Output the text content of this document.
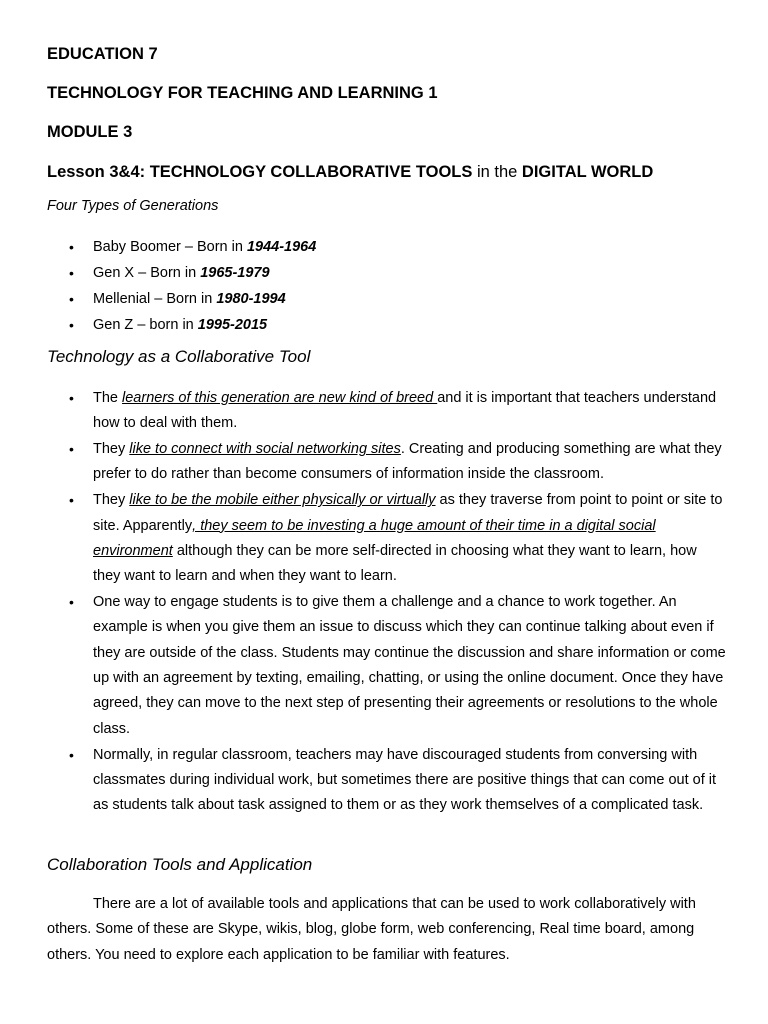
EDUCATION 7

TECHNOLOGY FOR TEACHING AND LEARNING 1

MODULE 3

Lesson 3&4: TECHNOLOGY COLLABORATIVE TOOLS in the DIGITAL WORLD

Four Types of Generations

• Baby Boomer – Born in 1944-1964
• Gen X – Born in 1965-1979
• Mellenial – Born in 1980-1994
• Gen Z – born in 1995-2015

Technology as a Collaborative Tool

• The learners of this generation are new kind of breed and it is important that teachers understand how to deal with them.
• They like to connect with social networking sites. Creating and producing something are what they prefer to do rather than become consumers of information inside the classroom.
• They like to be the mobile either physically or virtually as they traverse from point to point or site to site. Apparently, they seem to be investing a huge amount of their time in a digital social environment although they can be more self-directed in choosing what they want to learn, how they want to learn and when they want to learn.
• One way to engage students is to give them a challenge and a chance to work together. An example is when you give them an issue to discuss which they can continue talking about even if they are outside of the class. Students may continue the discussion and share information or come up with an agreement by texting, emailing, chatting, or using the online document. Once they have agreed, they can move to the next step of presenting their agreements or resolutions to the whole class.
• Normally, in regular classroom, teachers may have discouraged students from conversing with classmates during individual work, but sometimes there are positive things that can come out of it as students talk about task assigned to them or as they work themselves of a complicated task.

Collaboration Tools and Application

There are a lot of available tools and applications that can be used to work collaboratively with others. Some of these are Skype, wikis, blog, globe form, web conferencing, Real time board, among others. You need to explore each application to be familiar with features.
